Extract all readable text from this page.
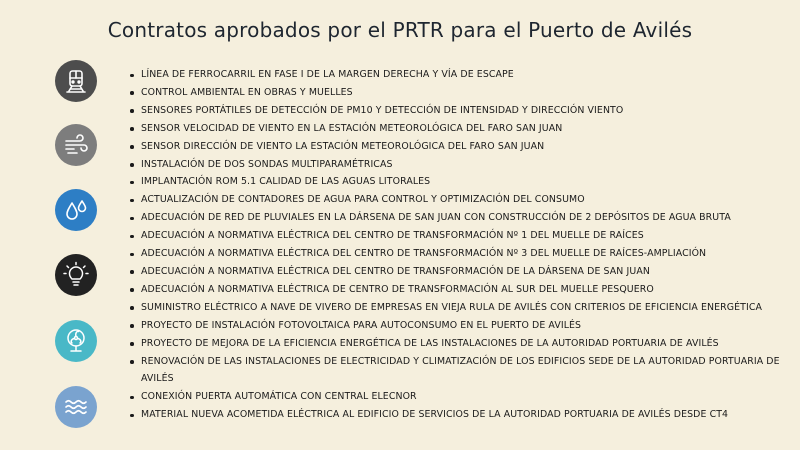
Contratos aprobados por el PRTR para el Puerto de Avilés
LÍNEA DE FERROCARRIL EN FASE I DE LA MARGEN DERECHA Y VÍA DE ESCAPE
CONTROL AMBIENTAL EN OBRAS Y MUELLES
SENSORES PORTÁTILES DE DETECCIÓN DE PM10 Y DETECCIÓN DE INTENSIDAD Y DIRECCIÓN VIENTO
SENSOR VELOCIDAD DE VIENTO EN LA ESTACIÓN METEOROLÓGICA DEL FARO SAN JUAN
SENSOR DIRECCIÓN DE VIENTO LA ESTACIÓN METEOROLÓGICA DEL FARO SAN JUAN
INSTALACIÓN DE DOS SONDAS MULTIPARAMÉTRICAS
IMPLANTACIÓN ROM 5.1 CALIDAD DE LAS AGUAS LITORALES
ACTUALIZACIÓN DE CONTADORES DE AGUA PARA CONTROL Y OPTIMIZACIÓN DEL CONSUMO
ADECUACIÓN DE RED DE PLUVIALES EN LA DÁRSENA DE SAN JUAN CON CONSTRUCCIÓN DE 2 DEPÓSITOS DE AGUA BRUTA
ADECUACIÓN A NORMATIVA ELÉCTRICA DEL CENTRO DE TRANSFORMACIÓN Nº 1 DEL MUELLE DE RAÍCES
ADECUACIÓN A NORMATIVA ELÉCTRICA DEL CENTRO DE TRANSFORMACIÓN Nº 3 DEL MUELLE DE RAÍCES-AMPLIACIÓN
ADECUACIÓN A NORMATIVA ELÉCTRICA DEL CENTRO DE TRANSFORMACIÓN DE LA DÁRSENA DE SAN JUAN
ADECUACIÓN A NORMATIVA ELÉCTRICA DE CENTRO DE TRANSFORMACIÓN AL SUR DEL MUELLE PESQUERO
SUMINISTRO ELÉCTRICO A NAVE DE VIVERO DE EMPRESAS EN VIEJA RULA DE AVILÉS CON CRITERIOS DE EFICIENCIA ENERGÉTICA
PROYECTO DE INSTALACIÓN FOTOVOLTAICA PARA AUTOCONSUMO EN EL PUERTO DE AVILÉS
PROYECTO DE MEJORA DE LA EFICIENCIA ENERGÉTICA DE LAS INSTALACIONES DE LA AUTORIDAD PORTUARIA DE AVILÉS
RENOVACIÓN DE LAS INSTALACIONES DE ELECTRICIDAD Y CLIMATIZACIÓN DE LOS EDIFICIOS SEDE DE LA AUTORIDAD PORTUARIA DE AVILÉS
CONEXIÓN PUERTA AUTOMÁTICA CON CENTRAL ELECNOR
MATERIAL NUEVA ACOMETIDA ELÉCTRICA AL EDIFICIO DE SERVICIOS DE LA AUTORIDAD PORTUARIA DE AVILÉS DESDE CT4
